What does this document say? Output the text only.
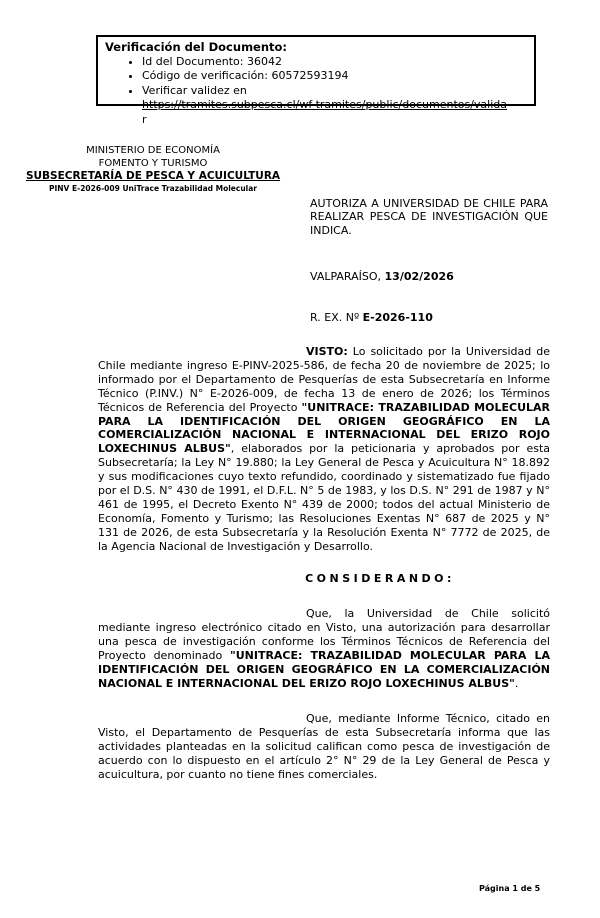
Verificación del Documento:
• Id del Documento: 36042
• Código de verificación: 60572593194
• Verificar validez en
https://tramites.subpesca.cl/wf-tramites/public/documentos/valida
r
MINISTERIO DE ECONOMÍA
FOMENTO Y TURISMO
SUBSECRETARÍA DE PESCA Y ACUICULTURA
PINV E-2026-009 UniTrace Trazabilidad Molecular
AUTORIZA A UNIVERSIDAD DE CHILE PARA REALIZAR PESCA DE INVESTIGACIÓN QUE INDICA.
VALPARAÍSO, 13/02/2026
R. EX. Nº E-2026-110

VISTO: Lo solicitado por la Universidad de Chile mediante ingreso E-PINV-2025-586, de fecha 20 de noviembre de 2025; lo informado por el Departamento de Pesquerías de esta Subsecretaría en Informe Técnico (P.INV.) N° E-2026-009, de fecha 13 de enero de 2026; los Términos Técnicos de Referencia del Proyecto "UNITRACE: TRAZABILIDAD MOLECULAR PARA LA IDENTIFICACIÓN DEL ORIGEN GEOGRÁFICO EN LA COMERCIALIZACIÓN NACIONAL E INTERNACIONAL DEL ERIZO ROJO LOXECHINUS ALBUS", elaborados por la peticionaria y aprobados por esta Subsecretaría; la Ley N° 19.880; la Ley General de Pesca y Acuicultura N° 18.892 y sus modificaciones cuyo texto refundido, coordinado y sistematizado fue fijado por el D.S. N° 430 de 1991, el D.F.L. N° 5 de 1983, y los D.S. N° 291 de 1987 y N° 461 de 1995, el Decreto Exento N° 439 de 2000; todos del actual Ministerio de Economía, Fomento y Turismo; las Resoluciones Exentas N° 687 de 2025 y N° 131 de 2026, de esta Subsecretaría y la Resolución Exenta N° 7772 de 2025, de la Agencia Nacional de Investigación y Desarrollo.

CONSIDERANDO:

Que, la Universidad de Chile solicitó mediante ingreso electrónico citado en Visto, una autorización para desarrollar una pesca de investigación conforme los Términos Técnicos de Referencia del Proyecto denominado "UNITRACE: TRAZABILIDAD MOLECULAR PARA LA IDENTIFICACIÓN DEL ORIGEN GEOGRÁFICO EN LA COMERCIALIZACIÓN NACIONAL E INTERNACIONAL DEL ERIZO ROJO LOXECHINUS ALBUS".

Que, mediante Informe Técnico, citado en Visto, el Departamento de Pesquerías de esta Subsecretaría informa que las actividades planteadas en la solicitud califican como pesca de investigación de acuerdo con lo dispuesto en el artículo 2° N° 29 de la Ley General de Pesca y acuicultura, por cuanto no tiene fines comerciales.

Página 1 de 5
